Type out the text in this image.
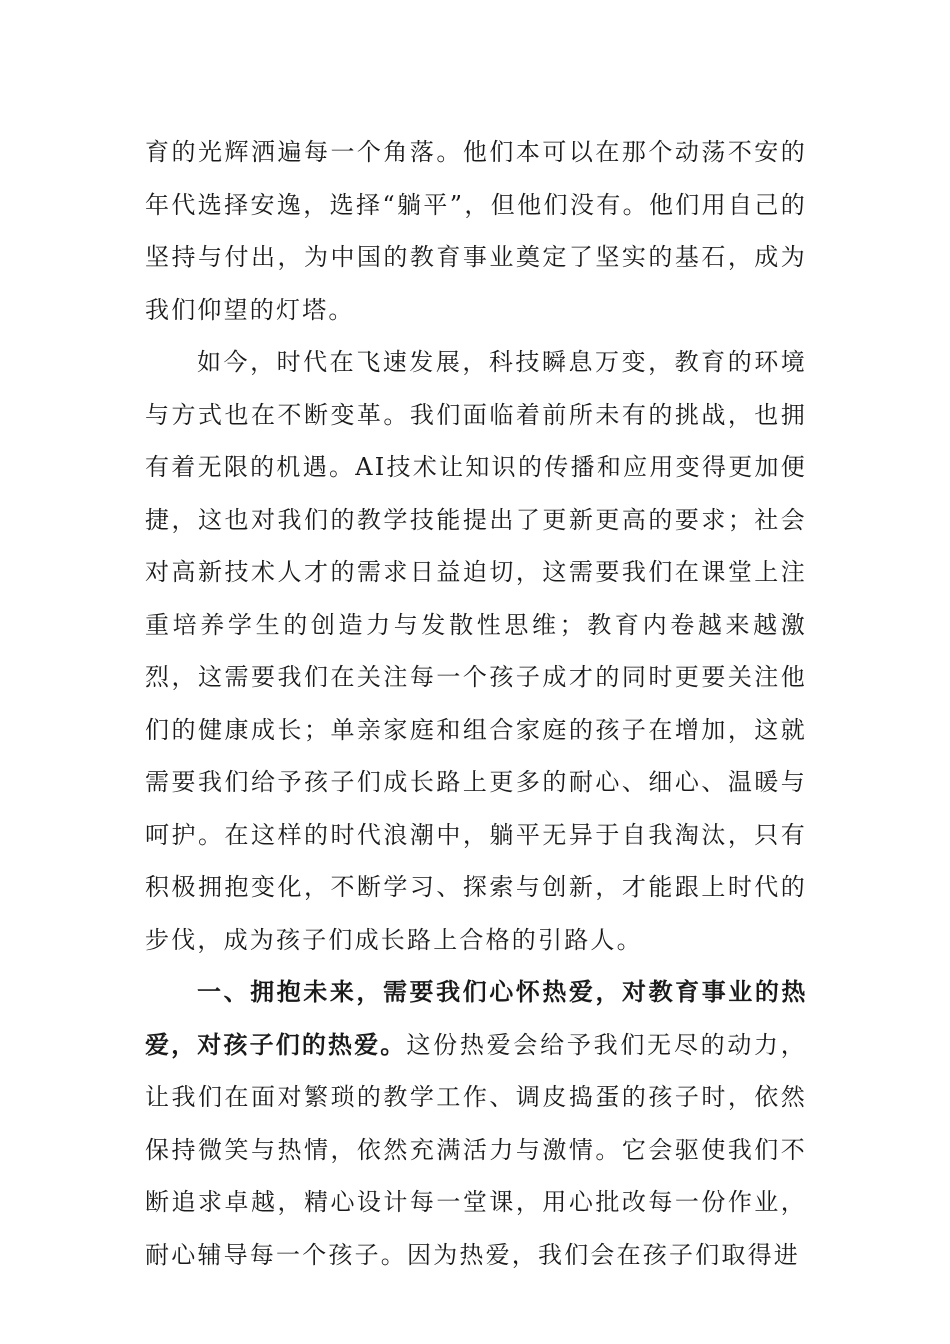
育的光辉洒遍每一个角落。他们本可以在那个动荡不安的年代选择安逸，选择“躺平”，但他们没有。他们用自己的坚持与付出，为中国的教育事业奠定了坚实的基石，成为我们仰望的灯塔。

如今，时代在飞速发展，科技瞬息万变，教育的环境与方式也在不断变革。我们面临着前所未有的挑战，也拥有着无限的机遇。AI技术让知识的传播和应用变得更加便捷，这也对我们的教学技能提出了更新更高的要求；社会对高新技术人才的需求日益迫切，这需要我们在课堂上注重培养学生的创造力与发散性思维；教育内卷越来越激烈，这需要我们在关注每一个孩子成才的同时更要关注他们的健康成长；单亲家庭和组合家庭的孩子在增加，这就需要我们给予孩子们成长路上更多的耐心、细心、温暖与呵护。在这样的时代浪潮中，躺平无异于自我淘汰，只有积极拥抱变化，不断学习、探索与创新，才能跟上时代的步伐，成为孩子们成长路上合格的引路人。

一、拥抱未来，需要我们心怀热爱，对教育事业的热爱，对孩子们的热爱。这份热爱会给予我们无尽的动力，让我们在面对繁琐的教学工作、调皮捣蛋的孩子时，依然保持微笑与热情，依然充满活力与激情。它会驱使我们不断追求卓越，精心设计每一堂课，用心批改每一份作业，耐心辅导每一个孩子。因为热爱，我们会在孩子们取得进
